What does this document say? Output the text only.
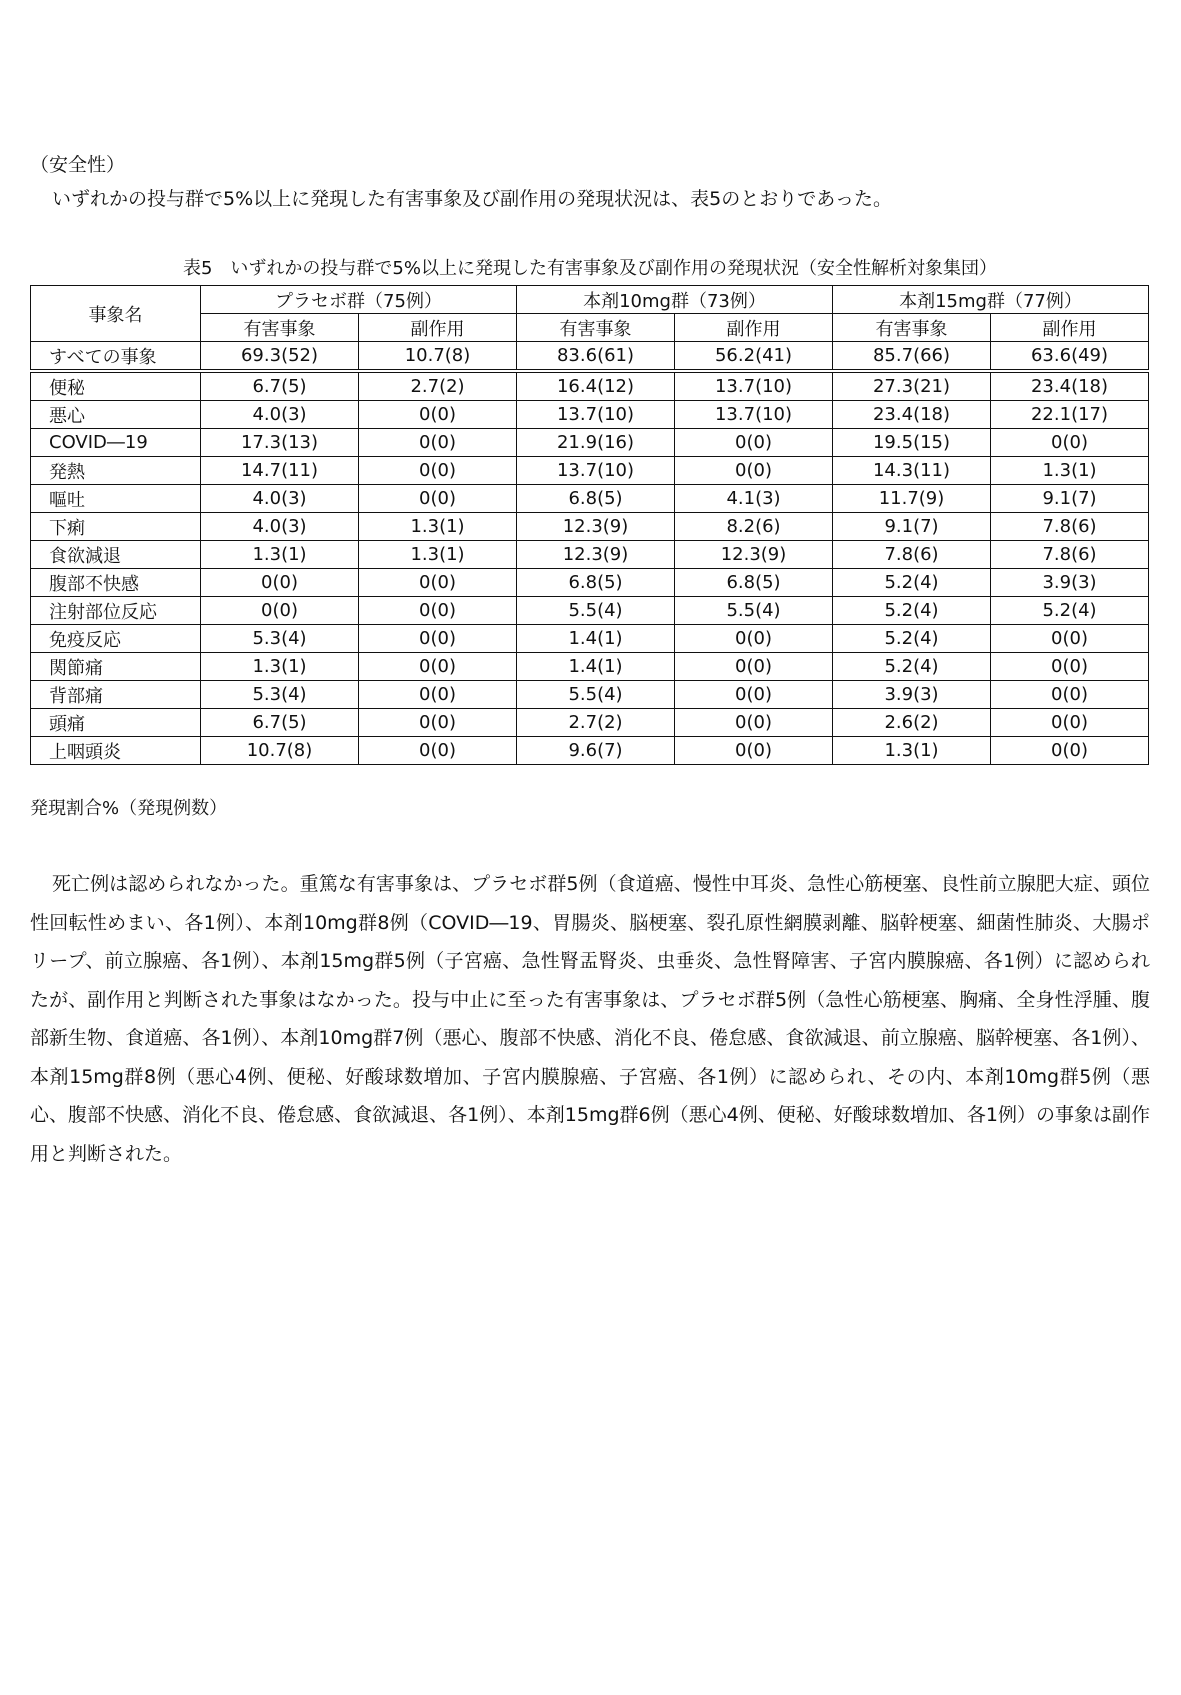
（安全性）
いずれかの投与群で5%以上に発現した有害事象及び副作用の発現状況は、表5のとおりであった。
表5　いずれかの投与群で5%以上に発現した有害事象及び副作用の発現状況（安全性解析対象集団）
事象名	プラセボ群（75例）		本剤10mg群（73例）		本剤15mg群（77例）	
	有害事象	副作用	有害事象	副作用	有害事象	副作用
すべての事象	69.3(52)	10.7(8)	83.6(61)	56.2(41)	85.7(66)	63.6(49)
便秘	6.7(5)	2.7(2)	16.4(12)	13.7(10)	27.3(21)	23.4(18)
悪心	4.0(3)	0(0)	13.7(10)	13.7(10)	23.4(18)	22.1(17)
COVID―19	17.3(13)	0(0)	21.9(16)	0(0)	19.5(15)	0(0)
発熱	14.7(11)	0(0)	13.7(10)	0(0)	14.3(11)	1.3(1)
嘔吐	4.0(3)	0(0)	6.8(5)	4.1(3)	11.7(9)	9.1(7)
下痢	4.0(3)	1.3(1)	12.3(9)	8.2(6)	9.1(7)	7.8(6)
食欲減退	1.3(1)	1.3(1)	12.3(9)	12.3(9)	7.8(6)	7.8(6)
腹部不快感	0(0)	0(0)	6.8(5)	6.8(5)	5.2(4)	3.9(3)
注射部位反応	0(0)	0(0)	5.5(4)	5.5(4)	5.2(4)	5.2(4)
免疫反応	5.3(4)	0(0)	1.4(1)	0(0)	5.2(4)	0(0)
関節痛	1.3(1)	0(0)	1.4(1)	0(0)	5.2(4)	0(0)
背部痛	5.3(4)	0(0)	5.5(4)	0(0)	3.9(3)	0(0)
頭痛	6.7(5)	0(0)	2.7(2)	0(0)	2.6(2)	0(0)
上咽頭炎	10.7(8)	0(0)	9.6(7)	0(0)	1.3(1)	0(0)
発現割合%（発現例数）
死亡例は認められなかった。重篤な有害事象は、プラセボ群5例（食道癌、慢性中耳炎、急性心筋梗塞、良性前立腺肥大症、頭位性回転性めまい、各1例）、本剤10mg群8例（COVID―19、胃腸炎、脳梗塞、裂孔原性網膜剥離、脳幹梗塞、細菌性肺炎、大腸ポリープ、前立腺癌、各1例）、本剤15mg群5例（子宮癌、急性腎盂腎炎、虫垂炎、急性腎障害、子宮内膜腺癌、各1例）に認められたが、副作用と判断された事象はなかった。投与中止に至った有害事象は、プラセボ群5例（急性心筋梗塞、胸痛、全身性浮腫、腹部新生物、食道癌、各1例）、本剤10mg群7例（悪心、腹部不快感、消化不良、倦怠感、食欲減退、前立腺癌、脳幹梗塞、各1例）、本剤15mg群8例（悪心4例、便秘、好酸球数増加、子宮内膜腺癌、子宮癌、各1例）に認められ、その内、本剤10mg群5例（悪心、腹部不快感、消化不良、倦怠感、食欲減退、各1例）、本剤15mg群6例（悪心4例、便秘、好酸球数増加、各1例）の事象は副作用と判断された。
